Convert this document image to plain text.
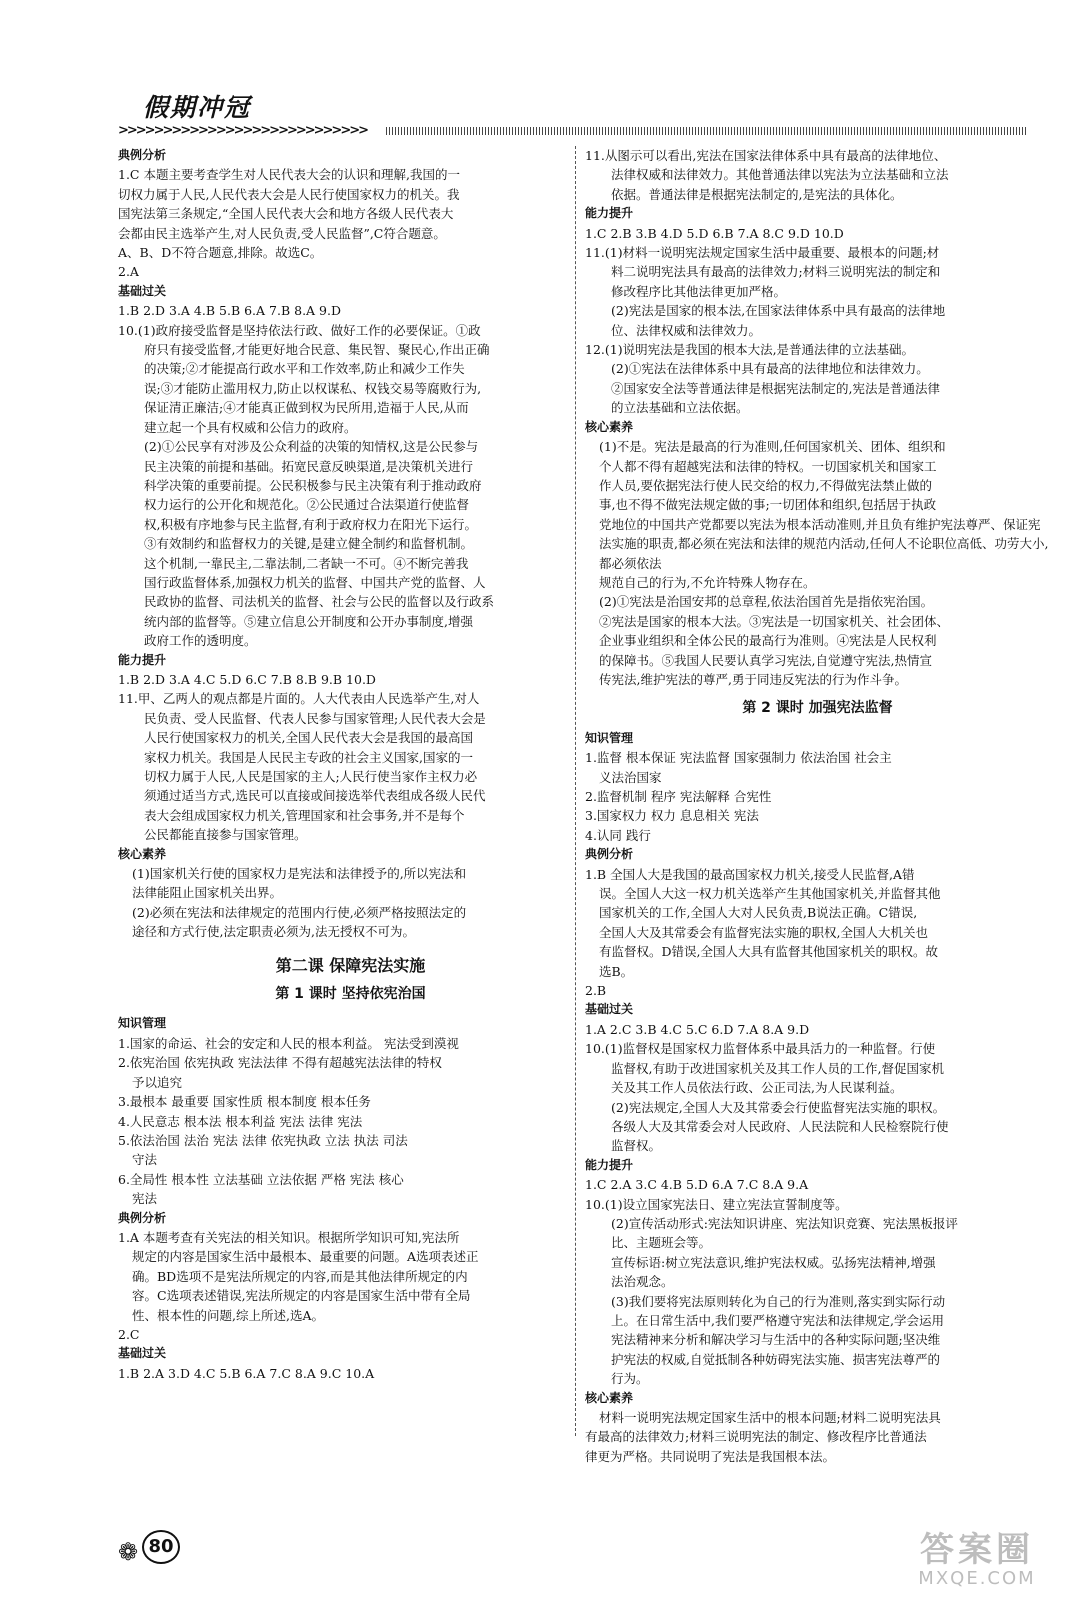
假期冲冠
>>>>>>>>>>>>>>>>>>>>>>>>>>>>
典例分析
1.C 本题主要考查学生对人民代表大会的认识和理解,我国的一
切权力属于人民,人民代表大会是人民行使国家权力的机关。我
国宪法第三条规定,“全国人民代表大会和地方各级人民代表大
会都由民主选举产生,对人民负责,受人民监督”,C符合题意。
A、B、D不符合题意,排除。故选C。
2.A
基础过关
1.B 2.D 3.A 4.B 5.B 6.A 7.B 8.A 9.D
10.(1)政府接受监督是坚持依法行政、做好工作的必要保证。①政
府只有接受监督,才能更好地合民意、集民智、聚民心,作出正确
的决策;②才能提高行政水平和工作效率,防止和减少工作失
误;③才能防止滥用权力,防止以权谋私、权钱交易等腐败行为,
保证清正廉洁;④才能真正做到权为民所用,造福于人民,从而
建立起一个具有权威和公信力的政府。
(2)①公民享有对涉及公众利益的决策的知情权,这是公民参与
民主决策的前提和基础。拓宽民意反映渠道,是决策机关进行
科学决策的重要前提。公民积极参与民主决策有利于推动政府
权力运行的公开化和规范化。②公民通过合法渠道行使监督
权,积极有序地参与民主监督,有利于政府权力在阳光下运行。
③有效制约和监督权力的关键,是建立健全制约和监督机制。
这个机制,一靠民主,二靠法制,二者缺一不可。④不断完善我
国行政监督体系,加强权力机关的监督、中国共产党的监督、人
民政协的监督、司法机关的监督、社会与公民的监督以及行政系
统内部的监督等。⑤建立信息公开制度和公开办事制度,增强
政府工作的透明度。
能力提升
1.B 2.D 3.A 4.C 5.D 6.C 7.B 8.B 9.B 10.D
11.甲、乙两人的观点都是片面的。人大代表由人民选举产生,对人
民负责、受人民监督、代表人民参与国家管理;人民代表大会是
人民行使国家权力的机关,全国人民代表大会是我国的最高国
家权力机关。我国是人民民主专政的社会主义国家,国家的一
切权力属于人民,人民是国家的主人;人民行使当家作主权力必
须通过适当方式,选民可以直接或间接选举代表组成各级人民代
表大会组成国家权力机关,管理国家和社会事务,并不是每个
公民都能直接参与国家管理。
核心素养
(1)国家机关行使的国家权力是宪法和法律授予的,所以宪法和
法律能阻止国家机关出界。
(2)必须在宪法和法律规定的范围内行使,必须严格按照法定的
途径和方式行使,法定职责必须为,法无授权不可为。
第二课 保障宪法实施
第 1 课时 坚持依宪治国
知识管理
1.国家的命运、社会的安定和人民的根本利益。 宪法受到漠视
2.依宪治国 依宪执政 宪法法律 不得有超越宪法法律的特权
予以追究
3.最根本 最重要 国家性质 根本制度 根本任务
4.人民意志 根本法 根本利益 宪法 法律 宪法
5.依法治国 法治 宪法 法律 依宪执政 立法 执法 司法
守法
6.全局性 根本性 立法基础 立法依据 严格 宪法 核心
宪法
典例分析
1.A 本题考查有关宪法的相关知识。根据所学知识可知,宪法所
规定的内容是国家生活中最根本、最重要的问题。A选项表述正
确。BD选项不是宪法所规定的内容,而是其他法律所规定的内
容。C选项表述错误,宪法所规定的内容是国家生活中带有全局
性、根本性的问题,综上所述,选A。
2.C
基础过关
1.B 2.A 3.D 4.C 5.B 6.A 7.C 8.A 9.C 10.A
11.从图示可以看出,宪法在国家法律体系中具有最高的法律地位、
法律权威和法律效力。其他普通法律以宪法为立法基础和立法
依据。普通法律是根据宪法制定的,是宪法的具体化。
能力提升
1.C 2.B 3.B 4.D 5.D 6.B 7.A 8.C 9.D 10.D
11.(1)材料一说明宪法规定国家生活中最重要、最根本的问题;材
料二说明宪法具有最高的法律效力;材料三说明宪法的制定和
修改程序比其他法律更加严格。
(2)宪法是国家的根本法,在国家法律体系中具有最高的法律地
位、法律权威和法律效力。
12.(1)说明宪法是我国的根本大法,是普通法律的立法基础。
(2)①宪法在法律体系中具有最高的法律地位和法律效力。
②国家安全法等普通法律是根据宪法制定的,宪法是普通法律
的立法基础和立法依据。
核心素养
(1)不是。宪法是最高的行为准则,任何国家机关、团体、组织和
个人都不得有超越宪法和法律的特权。一切国家机关和国家工
作人员,要依据宪法行使人民交给的权力,不得做宪法禁止做的
事,也不得不做宪法规定做的事;一切团体和组织,包括居于执政
党地位的中国共产党都要以宪法为根本活动准则,并且负有维护宪法尊严、保证宪
法实施的职责,都必须在宪法和法律的规范内活动,任何人不论职位高低、功劳大小,都必须依法
规范自己的行为,不允许特殊人物存在。
(2)①宪法是治国安邦的总章程,依法治国首先是指依宪治国。
②宪法是国家的根本大法。③宪法是一切国家机关、社会团体、
企业事业组织和全体公民的最高行为准则。④宪法是人民权利
的保障书。⑤我国人民要认真学习宪法,自觉遵守宪法,热情宣
传宪法,维护宪法的尊严,勇于同违反宪法的行为作斗争。
第 2 课时 加强宪法监督
知识管理
1.监督 根本保证 宪法监督 国家强制力 依法治国 社会主
义法治国家
2.监督机制 程序 宪法解释 合宪性
3.国家权力 权力 息息相关 宪法
4.认同 践行
典例分析
1.B 全国人大是我国的最高国家权力机关,接受人民监督,A错
误。全国人大这一权力机关选举产生其他国家机关,并监督其他
国家机关的工作,全国人大对人民负责,B说法正确。C错误,
全国人大及其常委会有监督宪法实施的职权,全国人大机关也
有监督权。D错误,全国人大具有监督其他国家机关的职权。故
选B。
2.B
基础过关
1.A 2.C 3.B 4.C 5.C 6.D 7.A 8.A 9.D
10.(1)监督权是国家权力监督体系中最具活力的一种监督。行使
监督权,有助于改进国家机关及其工作人员的工作,督促国家机
关及其工作人员依法行政、公正司法,为人民谋利益。
(2)宪法规定,全国人大及其常委会行使监督宪法实施的职权。
各级人大及其常委会对人民政府、人民法院和人民检察院行使
监督权。
能力提升
1.C 2.A 3.C 4.B 5.D 6.A 7.C 8.A 9.A
10.(1)设立国家宪法日、建立宪法宣誓制度等。
(2)宣传活动形式:宪法知识讲座、宪法知识竞赛、宪法黑板报评
比、主题班会等。
宣传标语:树立宪法意识,维护宪法权威。弘扬宪法精神,增强
法治观念。
(3)我们要将宪法原则转化为自己的行为准则,落实到实际行动
上。在日常生活中,我们要严格遵守宪法和法律规定,学会运用
宪法精神来分析和解决学习与生活中的各种实际问题;坚决维
护宪法的权威,自觉抵制各种妨碍宪法实施、损害宪法尊严的
行为。
核心素养
材料一说明宪法规定国家生活中的根本问题;材料二说明宪法具
有最高的法律效力;材料三说明宪法的制定、修改程序比普通法
律更为严格。共同说明了宪法是我国根本法。
❁ 80	答案圈
MXQE.COM
